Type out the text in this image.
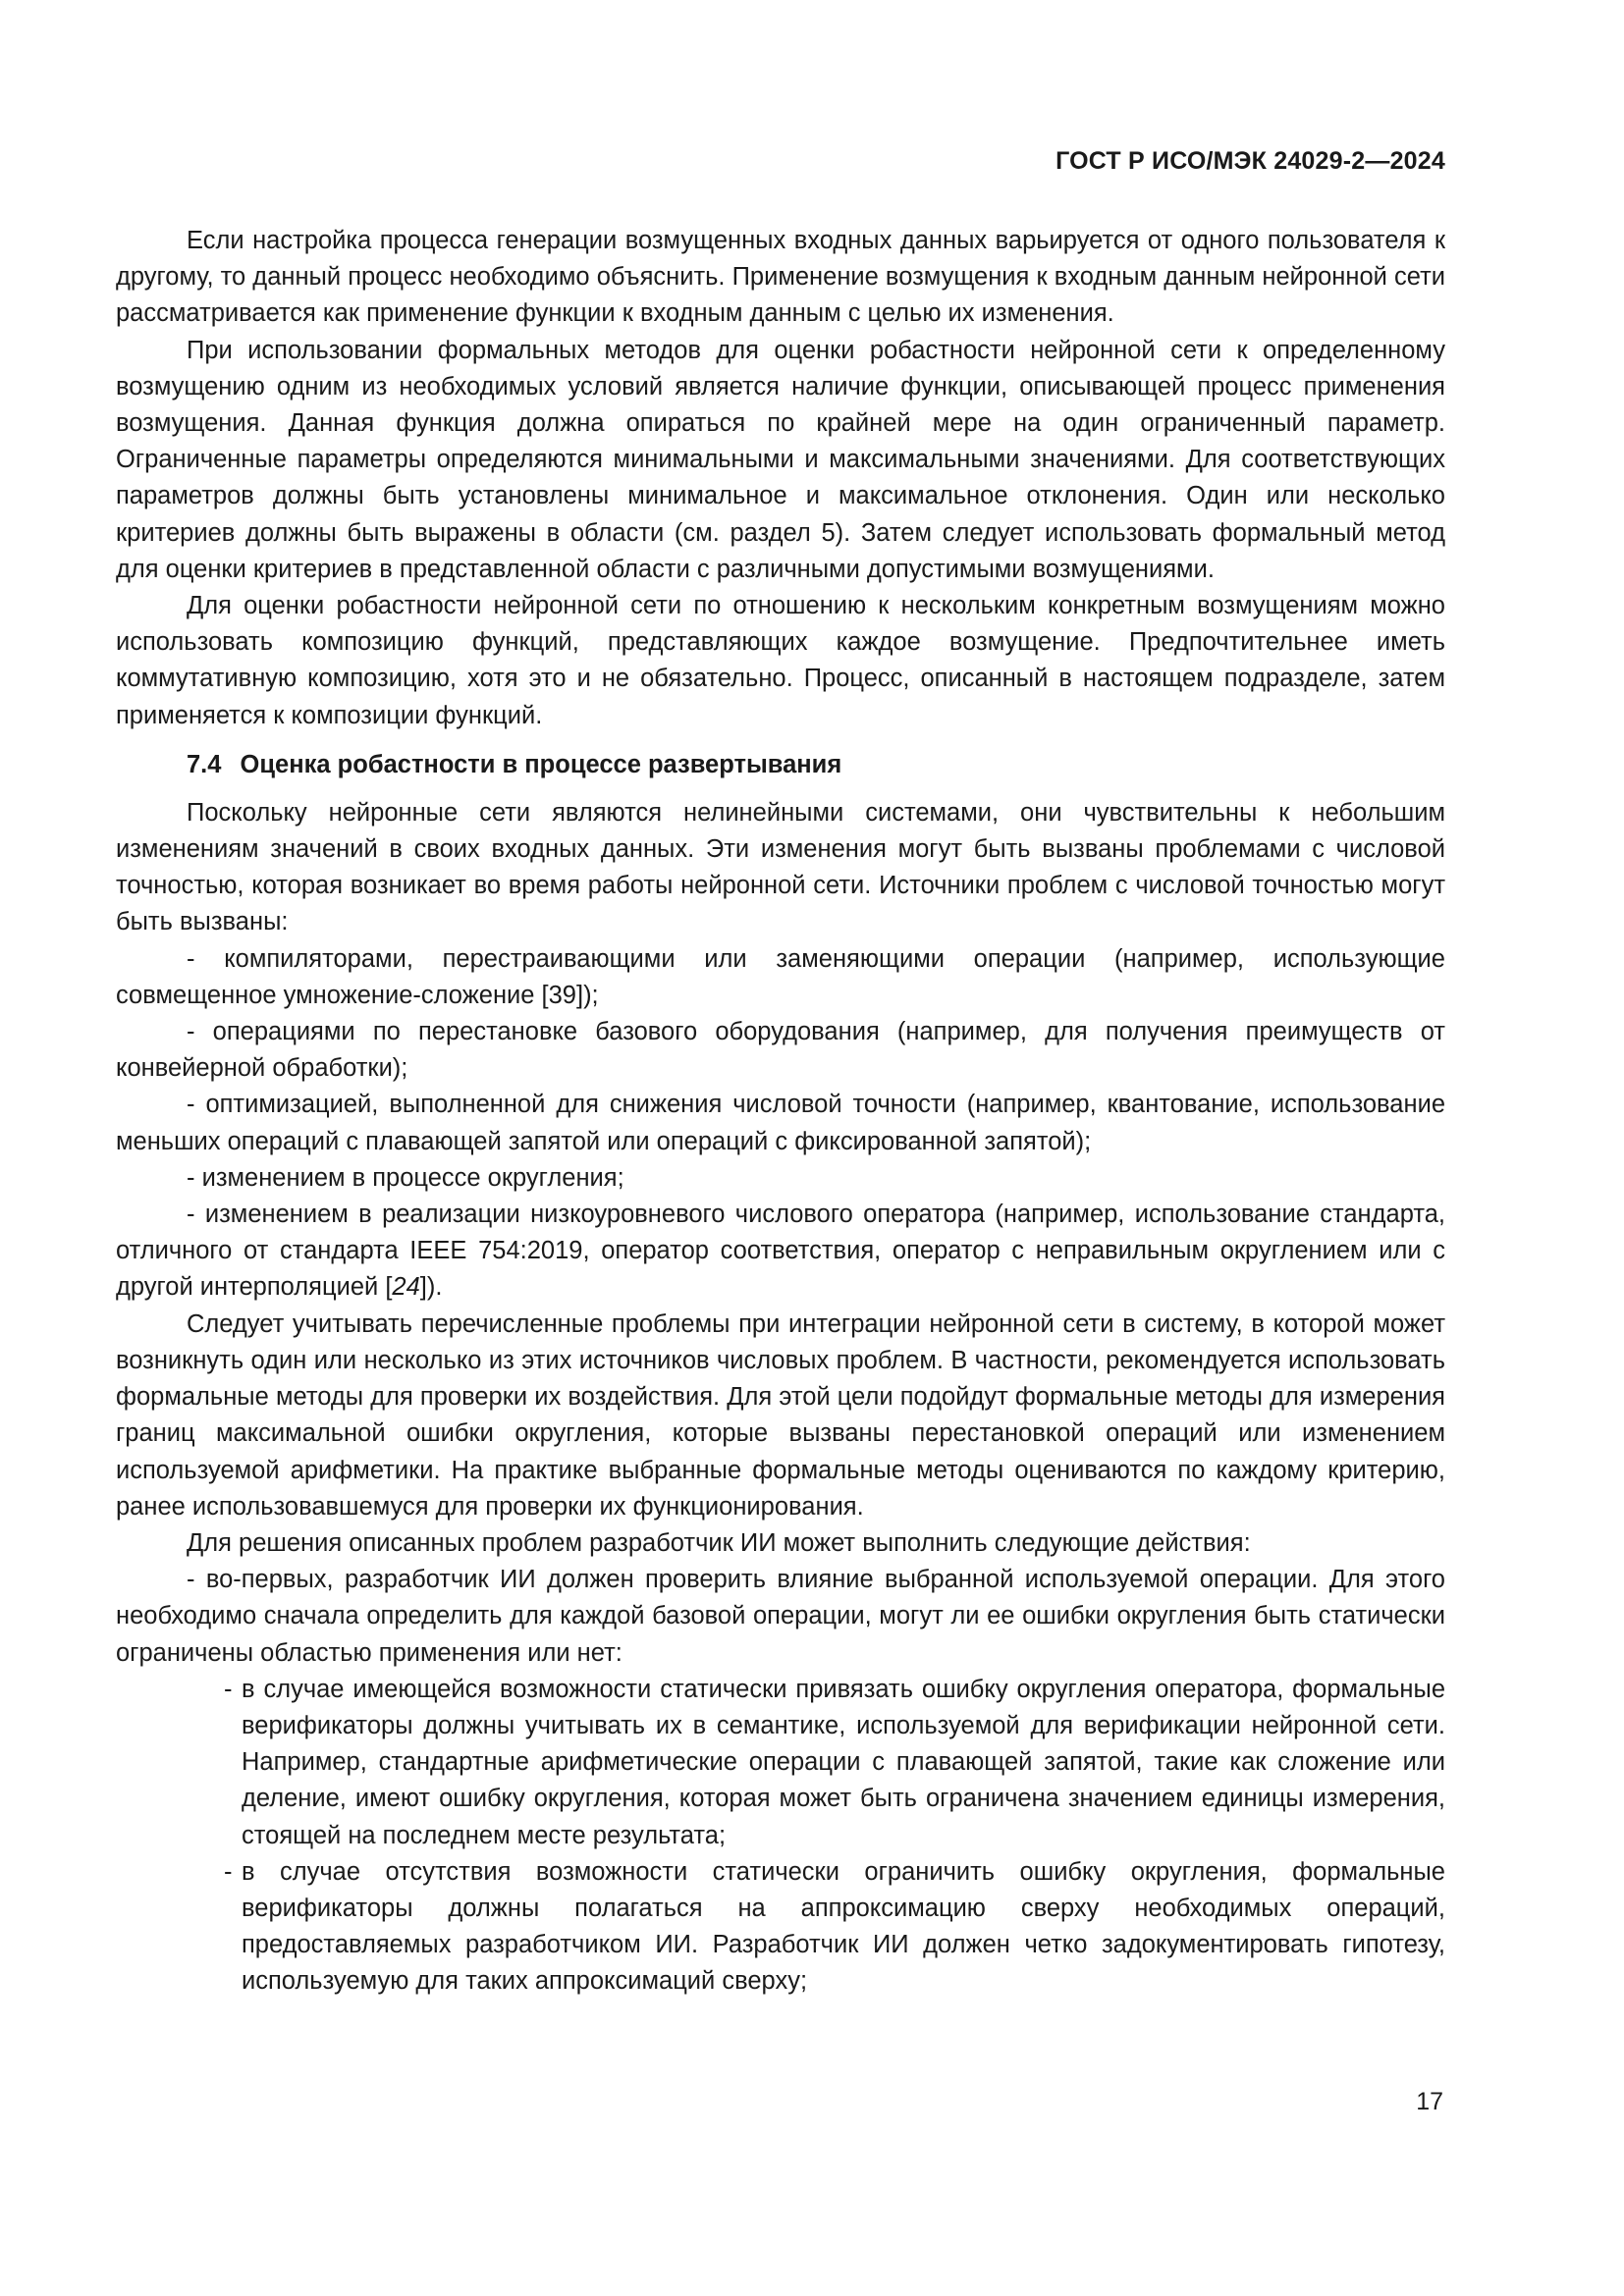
ГОСТ Р ИСО/МЭК 24029-2—2024

Если настройка процесса генерации возмущенных входных данных варьируется от одного пользователя к другому, то данный процесс необходимо объяснить. Применение возмущения к входным данным нейронной сети рассматривается как применение функции к входным данным с целью их изменения.

При использовании формальных методов для оценки робастности нейронной сети к определенному возмущению одним из необходимых условий является наличие функции, описывающей процесс применения возмущения. Данная функция должна опираться по крайней мере на один ограниченный параметр. Ограниченные параметры определяются минимальными и максимальными значениями. Для соответствующих параметров должны быть установлены минимальное и максимальное отклонения. Один или несколько критериев должны быть выражены в области (см. раздел 5). Затем следует использовать формальный метод для оценки критериев в представленной области с различными допустимыми возмущениями.

Для оценки робастности нейронной сети по отношению к нескольким конкретным возмущениям можно использовать композицию функций, представляющих каждое возмущение. Предпочтительнее иметь коммутативную композицию, хотя это и не обязательно. Процесс, описанный в настоящем подразделе, затем применяется к композиции функций.

7.4 Оценка робастности в процессе развертывания

Поскольку нейронные сети являются нелинейными системами, они чувствительны к небольшим изменениям значений в своих входных данных. Эти изменения могут быть вызваны проблемами с числовой точностью, которая возникает во время работы нейронной сети. Источники проблем с числовой точностью могут быть вызваны:

- компиляторами, перестраивающими или заменяющими операции (например, использующие совмещенное умножение-сложение [39]);

- операциями по перестановке базового оборудования (например, для получения преимуществ от конвейерной обработки);

- оптимизацией, выполненной для снижения числовой точности (например, квантование, использование меньших операций с плавающей запятой или операций с фиксированной запятой);

- изменением в процессе округления;

- изменением в реализации низкоуровневого числового оператора (например, использование стандарта, отличного от стандарта IEEE 754:2019, оператор соответствия, оператор с неправильным округлением или с другой интерполяцией [24]).

Следует учитывать перечисленные проблемы при интеграции нейронной сети в систему, в которой может возникнуть один или несколько из этих источников числовых проблем. В частности, рекомендуется использовать формальные методы для проверки их воздействия. Для этой цели подойдут формальные методы для измерения границ максимальной ошибки округления, которые вызваны перестановкой операций или изменением используемой арифметики. На практике выбранные формальные методы оцениваются по каждому критерию, ранее использовавшемуся для проверки их функционирования.

Для решения описанных проблем разработчик ИИ может выполнить следующие действия:

- во-первых, разработчик ИИ должен проверить влияние выбранной используемой операции. Для этого необходимо сначала определить для каждой базовой операции, могут ли ее ошибки округления быть статически ограничены областью применения или нет:

- в случае имеющейся возможности статически привязать ошибку округления оператора, формальные верификаторы должны учитывать их в семантике, используемой для верификации нейронной сети. Например, стандартные арифметические операции с плавающей запятой, такие как сложение или деление, имеют ошибку округления, которая может быть ограничена значением единицы измерения, стоящей на последнем месте результата;

- в случае отсутствия возможности статически ограничить ошибку округления, формальные верификаторы должны полагаться на аппроксимацию сверху необходимых операций, предоставляемых разработчиком ИИ. Разработчик ИИ должен четко задокументировать гипотезу, используемую для таких аппроксимаций сверху;

17
